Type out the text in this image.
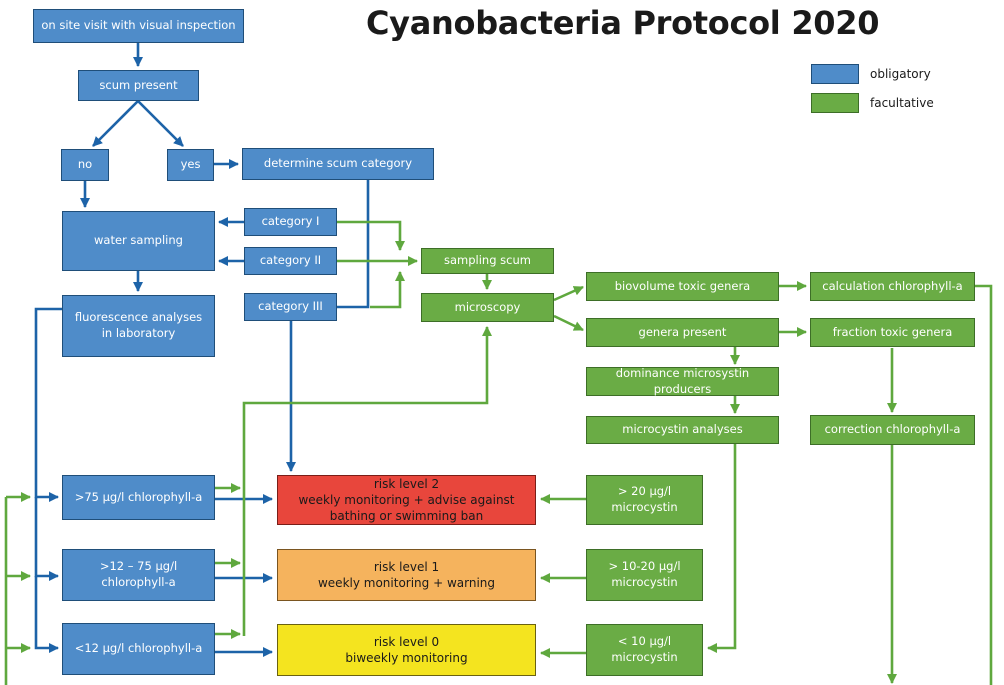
Cyanobacteria Protocol 2020
obligatory
facultative
on site visit with visual inspection
scum present
no	yes	determine scum category
water sampling
category I
category II
category III
fluorescence analyses
in laboratory
>75 µg/l chlorophyll-a
>12 – 75 µg/l chlorophyll-a
<12 µg/l chlorophyll-a
sampling scum
microscopy
biovolume toxic genera	calculation chlorophyll-a
genera present	fraction toxic genera
dominance microsystin producers
microcystin analyses	correction chlorophyll-a
> 20 µg/l
microcystin
> 10-20 µg/l
microcystin
< 10 µg/l
microcystin
risk level 2
weekly monitoring + advise against
bathing or swimming ban
risk level 1
weekly monitoring + warning
risk level 0
biweekly monitoring
